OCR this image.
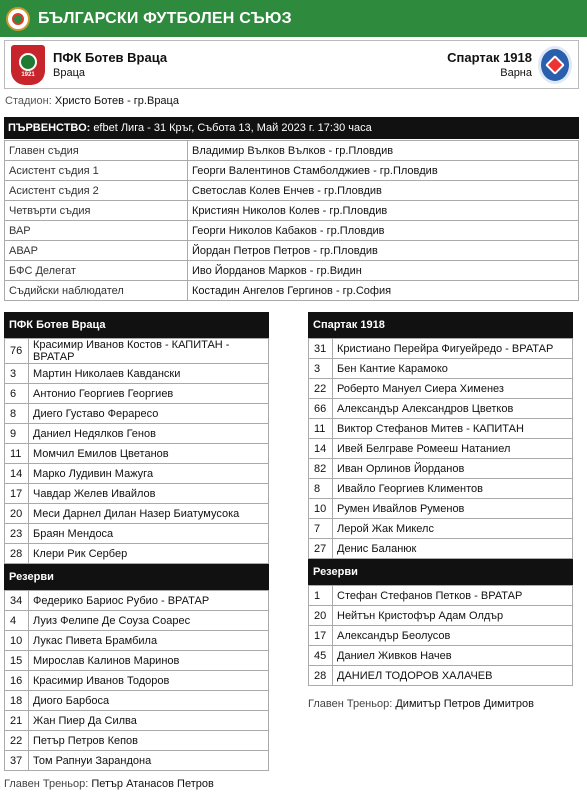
БЪЛГАРСКИ ФУТБОЛЕН СЪЮЗ
1921
ПФК Ботев Враца
Враца
Спартак 1918
Варна
Стадион: Христо Ботев - гр.Враца
ПЪРВЕНСТВО: efbet Лига - 31 Кръг, Събота 13, Май 2023 г. 17:30 часа
Главен съдия	Владимир Вълков Вълков - гр.Пловдив
Асистент съдия 1	Георги Валентинов Стамболджиев - гр.Пловдив
Асистент съдия 2	Светослав Колев Енчев - гр.Пловдив
Четвърти съдия	Кристиян Николов Колев - гр.Пловдив
ВАР	Георги Николов Кабаков - гр.Пловдив
АВАР	Йордан Петров Петров - гр.Пловдив
БФС Делегат	Иво Йорданов Марков - гр.Видин
Съдийски наблюдател	Костадин Ангелов Гергинов - гр.София
ПФК Ботев Враца
76	Красимир Иванов Костов - КАПИТАН - ВРАТАР
3	Мартин Николаев Кавдански
6	Антонио Георгиев Георгиев
8	Диего Густаво Фераресо
9	Даниел Недялков Генов
11	Момчил Емилов Цветанов
14	Марко Лудивин Мажуга
17	Чавдар Желев Ивайлов
20	Меси Дарнел Дилан Назер Биатумусока
23	Браян Мендоса
28	Клери Рик Сербер
Резерви
34	Федерико Бариос Рубио - ВРАТАР
4	Луиз Фелипе Де Соуза Соарес
10	Лукас Пивета Брамбила
15	Мирослав Калинов Маринов
16	Красимир Иванов Тодоров
18	Диого Барбоса
21	Жан Пиер Да Силва
22	Петър Петров Кепов
37	Том Рапнуи Зарандона
Главен Треньор: Петър Атанасов Петров
Спартак 1918
31	Кристиано Перейра Фигуейредо - ВРАТАР
3	Бен Кантие Карамоко
22	Роберто Мануел Сиера Хименез
66	Александър Александров Цветков
11	Виктор Стефанов Митев - КАПИТАН
14	Ивей Белграве Ромееш Натаниел
82	Иван Орлинов Йорданов
8	Ивайло Георгиев Климентов
10	Румен Ивайлов Руменов
7	Лерой Жак Микелс
27	Денис Баланюк
Резерви
1	Стефан Стефанов Петков - ВРАТАР
20	Нейтън Кристофър Адам Олдър
17	Александър Беолусов
45	Даниел Живков Начев
28	ДАНИЕЛ ТОДОРОВ ХАЛАЧЕВ
Главен Треньор: Димитър Петров Димитров
